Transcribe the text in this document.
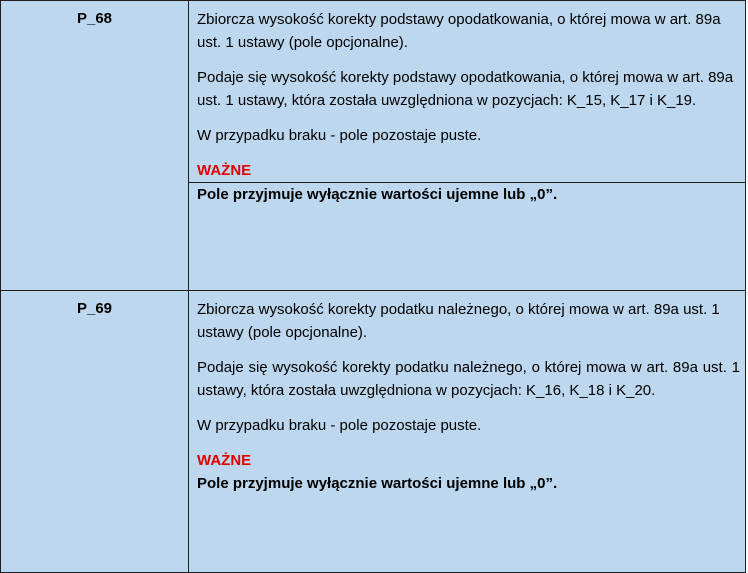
P_68	Zbiorcza wysokość korekty podstawy opodatkowania, o której mowa w art. 89a ust. 1 ustawy (pole opcjonalne).

Podaje się wysokość korekty podstawy opodatkowania, o której mowa w art. 89a ust. 1 ustawy, która została uwzględniona w pozycjach: K_15, K_17 i K_19.

W przypadku braku - pole pozostaje puste.

WAŻNE
Pole przyjmuje wyłącznie wartości ujemne lub „0”.

P_69	Zbiorcza wysokość korekty podatku należnego, o której mowa w art. 89a ust. 1 ustawy (pole opcjonalne).

Podaje się wysokość korekty podatku należnego, o której mowa w art. 89a ust. 1 ustawy, która została uwzględniona w pozycjach: K_16, K_18 i K_20.

W przypadku braku - pole pozostaje puste.

WAŻNE
Pole przyjmuje wyłącznie wartości ujemne lub „0”.
